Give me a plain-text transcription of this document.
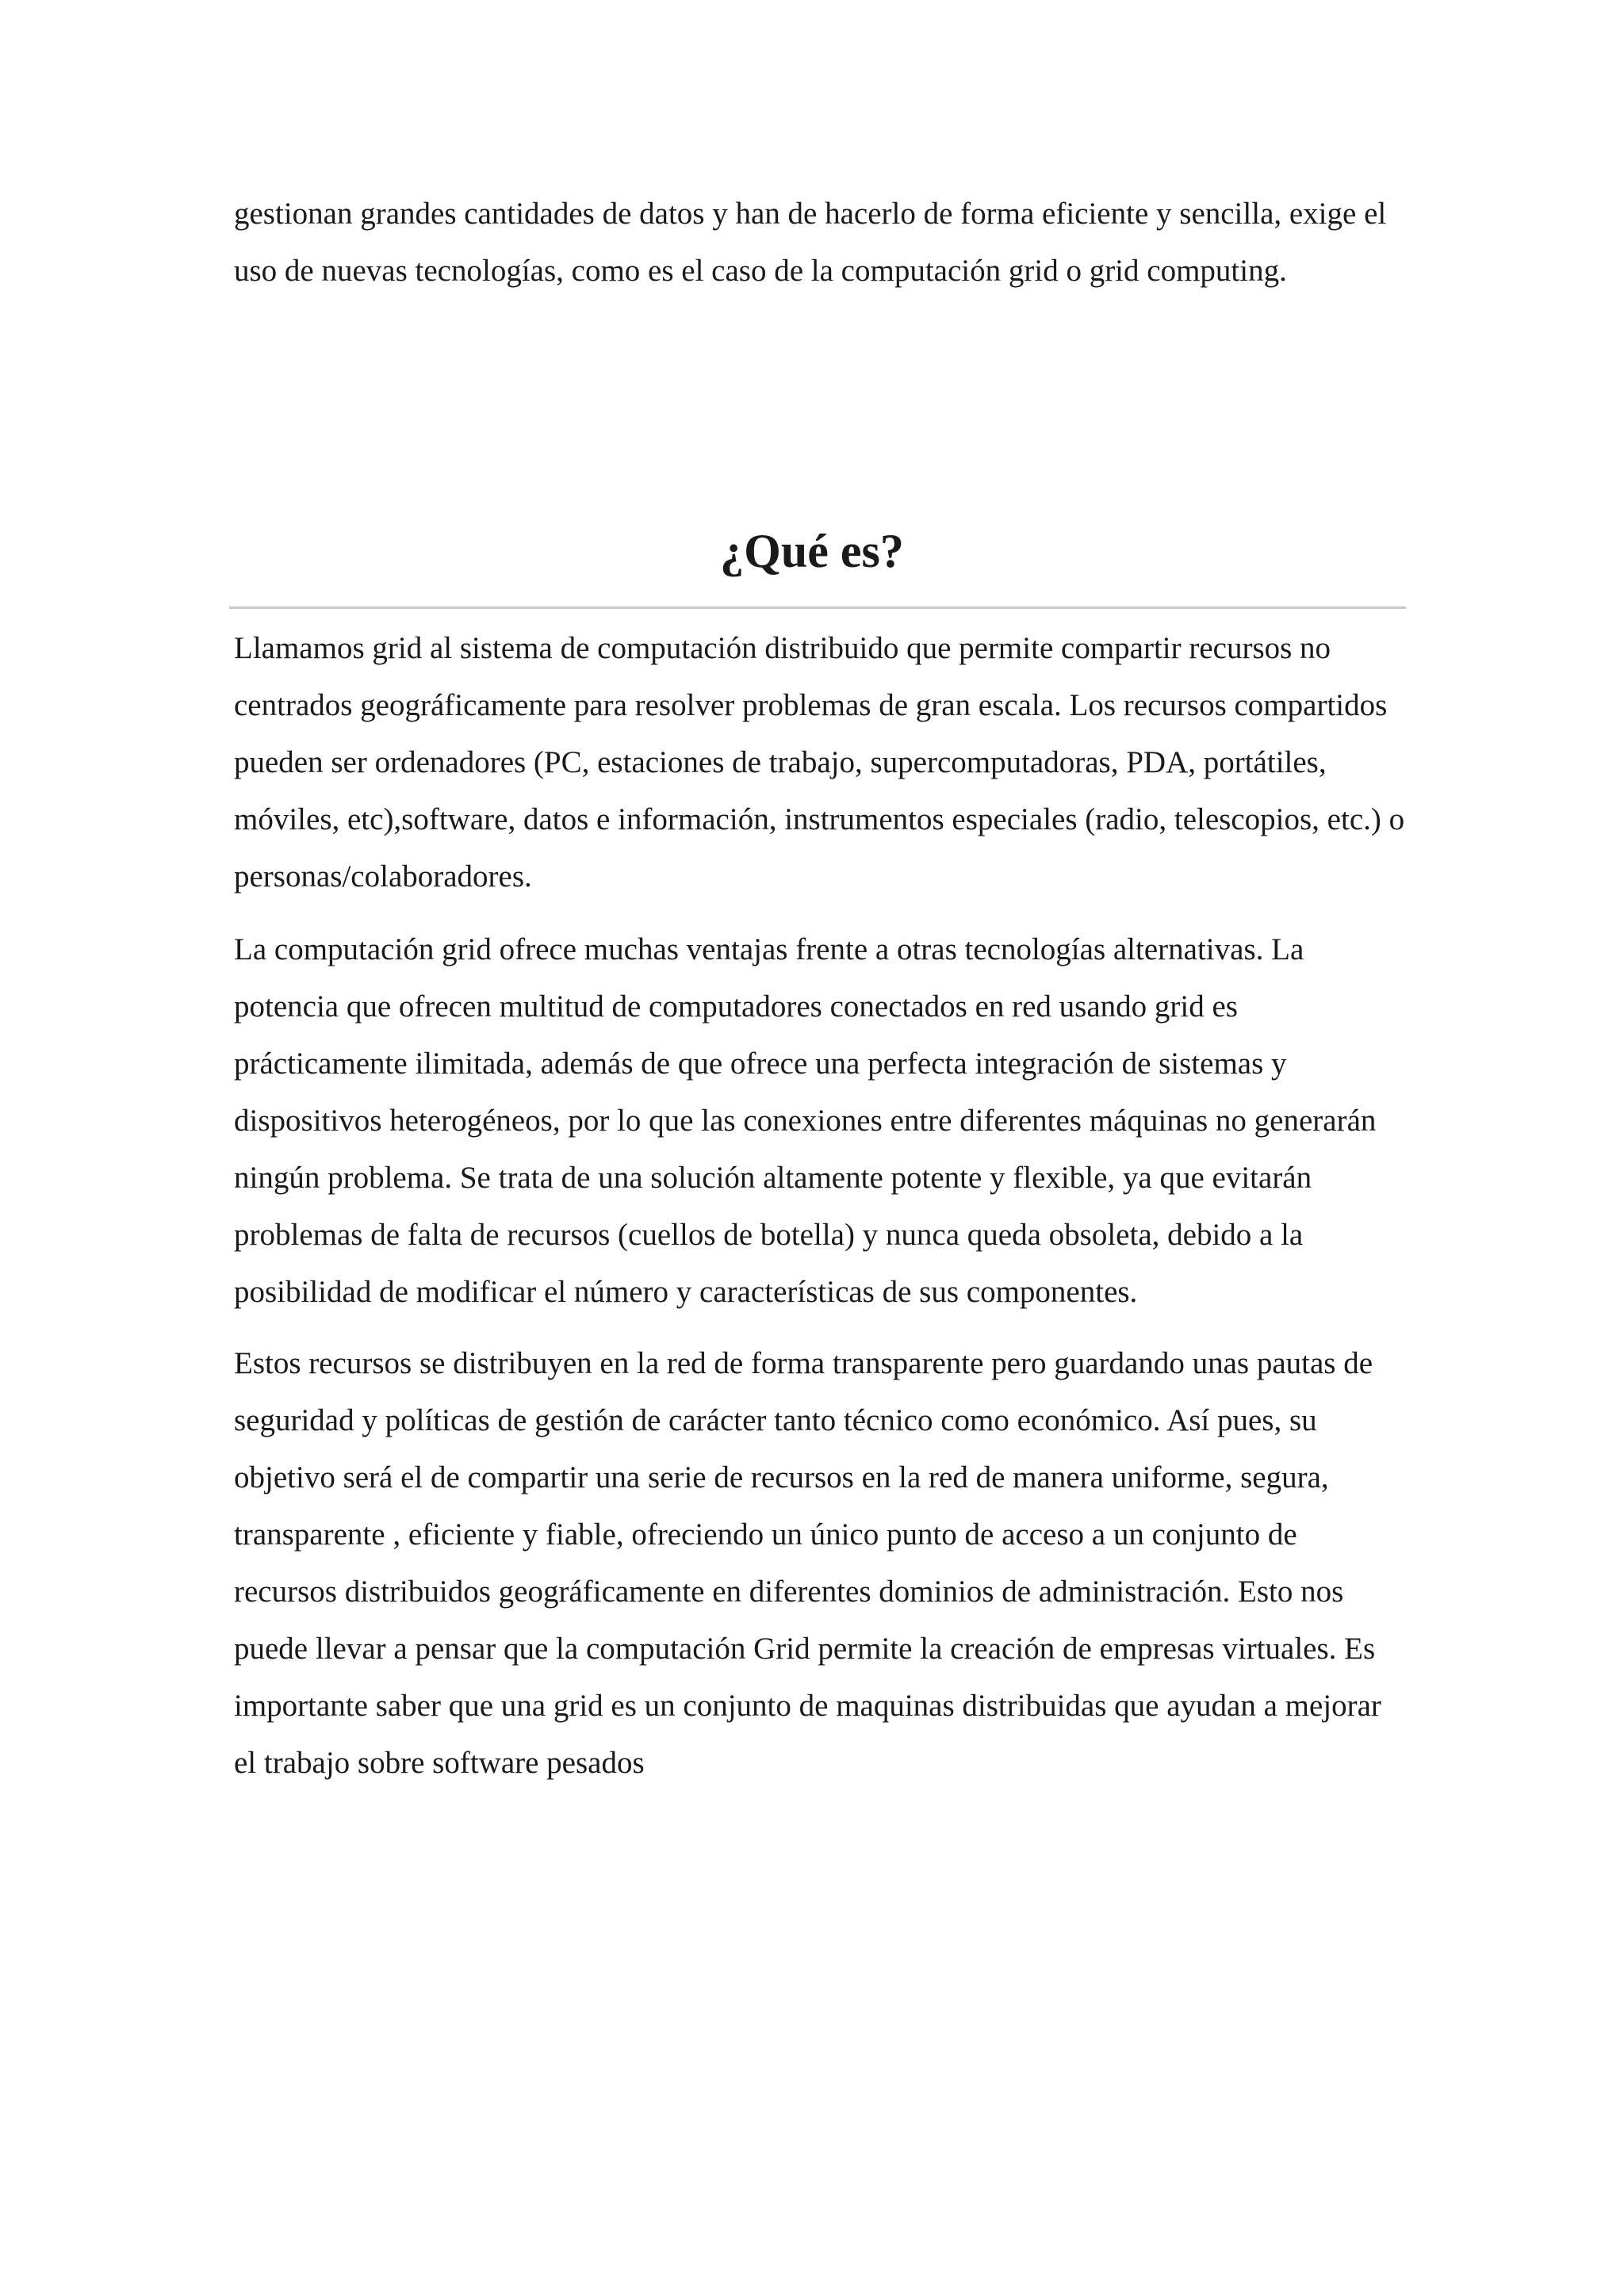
gestionan grandes cantidades de datos y han de hacerlo de forma eficiente y sencilla, exige el uso de nuevas tecnologías, como es el caso de la computación grid o grid computing.

¿Qué es?

Llamamos grid al sistema de computación distribuido que permite compartir recursos no centrados geográficamente para resolver problemas de gran escala. Los recursos compartidos pueden ser ordenadores (PC, estaciones de trabajo, supercomputadoras, PDA, portátiles, móviles, etc),software, datos e información, instrumentos especiales (radio, telescopios, etc.) o personas/colaboradores.

La computación grid ofrece muchas ventajas frente a otras tecnologías alternativas. La potencia que ofrecen multitud de computadores conectados en red usando grid es prácticamente ilimitada, además de que ofrece una perfecta integración de sistemas y dispositivos heterogéneos, por lo que las conexiones entre diferentes máquinas no generarán ningún problema. Se trata de una solución altamente potente y flexible, ya que evitarán problemas de falta de recursos (cuellos de botella) y nunca queda obsoleta, debido a la posibilidad de modificar el número y características de sus componentes.

Estos recursos se distribuyen en la red de forma transparente pero guardando unas pautas de seguridad y políticas de gestión de carácter tanto técnico como económico. Así pues, su objetivo será el de compartir una serie de recursos en la red de manera uniforme, segura, transparente , eficiente y fiable, ofreciendo un único punto de acceso a un conjunto de recursos distribuidos geográficamente en diferentes dominios de administración. Esto nos puede llevar a pensar que la computación Grid permite la creación de empresas virtuales. Es importante saber que una grid es un conjunto de maquinas distribuidas que ayudan a mejorar el trabajo sobre software pesados
